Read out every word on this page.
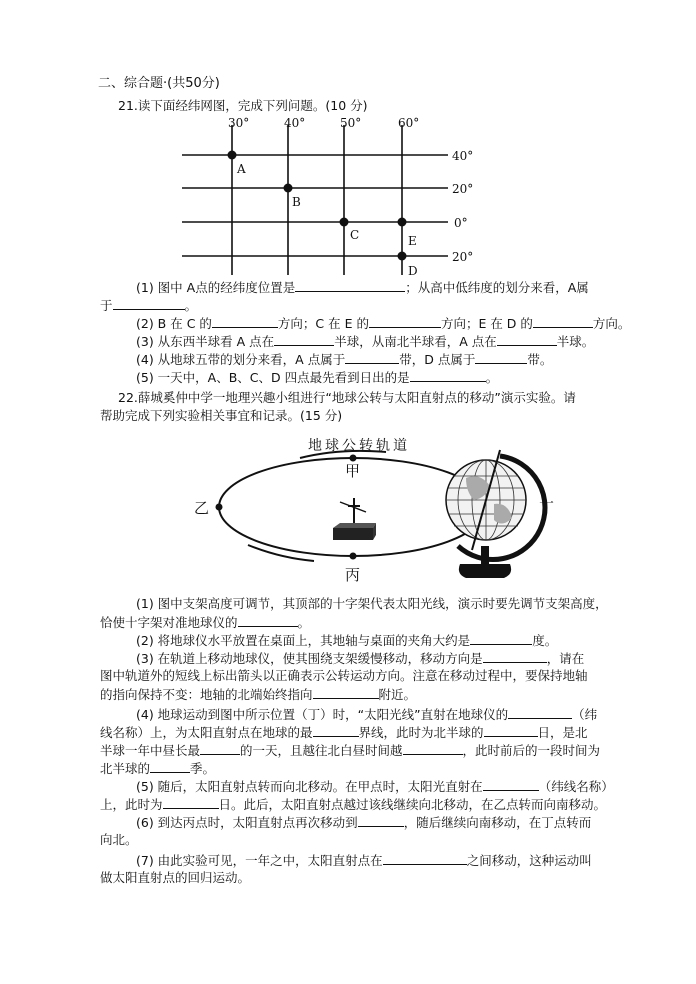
二、综合题·(共50分)
21.读下面经纬网图，完成下列问题。(10 分)
30°	40°	50°	60°
40°
20°
0°
20°
A
B
C	E
D
(1) 图中 A点的经纬度位置是	；从高中低纬度的划分来看，A属
于	。
(2) B 在 C 的	方向；C 在 E 的	方向；E 在 D 的	方向。
(3) 从东西半球看 A 点在	半球，从南北半球看，A 点在	半球。
(4) 从地球五带的划分来看，A 点属于	带，D 点属于	带。
(5) 一天中，A、B、C、D 四点最先看到日出的是	。
22.薛城奚仲中学一地理兴趣小组进行“地球公转与太阳直射点的移动”演示实验。请
帮助完成下列实验相关事宜和记录。(15 分)
地球公转轨道
甲
乙
丙
丁
(1) 图中支架高度可调节，其顶部的十字架代表太阳光线，演示时要先调节支架高度，
恰使十字架对准地球仪的	。
(2) 将地球仪水平放置在桌面上，其地轴与桌面的夹角大约是	度。
(3) 在轨道上移动地球仪，使其围绕支架缓慢移动，移动方向是	，请在
图中轨道外的短线上标出箭头以正确表示公转运动方向。注意在移动过程中，要保持地轴
的指向保持不变：地轴的北端始终指向	附近。
(4) 地球运动到图中所示位置（丁）时，“太阳光线”直射在地球仪的	（纬
线名称）上，为太阳直射点在地球的最	界线，此时为北半球的	日，是北
半球一年中昼长最	的一天，且越往北白昼时间越	，此时前后的一段时间为
北半球的	季。
(5) 随后，太阳直射点转而向北移动。在甲点时，太阳光直射在	（纬线名称）
上，此时为	日。此后，太阳直射点越过该线继续向北移动，在乙点转而向南移动。
(6) 到达丙点时，太阳直射点再次移动到	，随后继续向南移动，在丁点转而
向北。
(7) 由此实验可见，一年之中，太阳直射点在	之间移动，这种运动叫
做太阳直射点的回归运动。
